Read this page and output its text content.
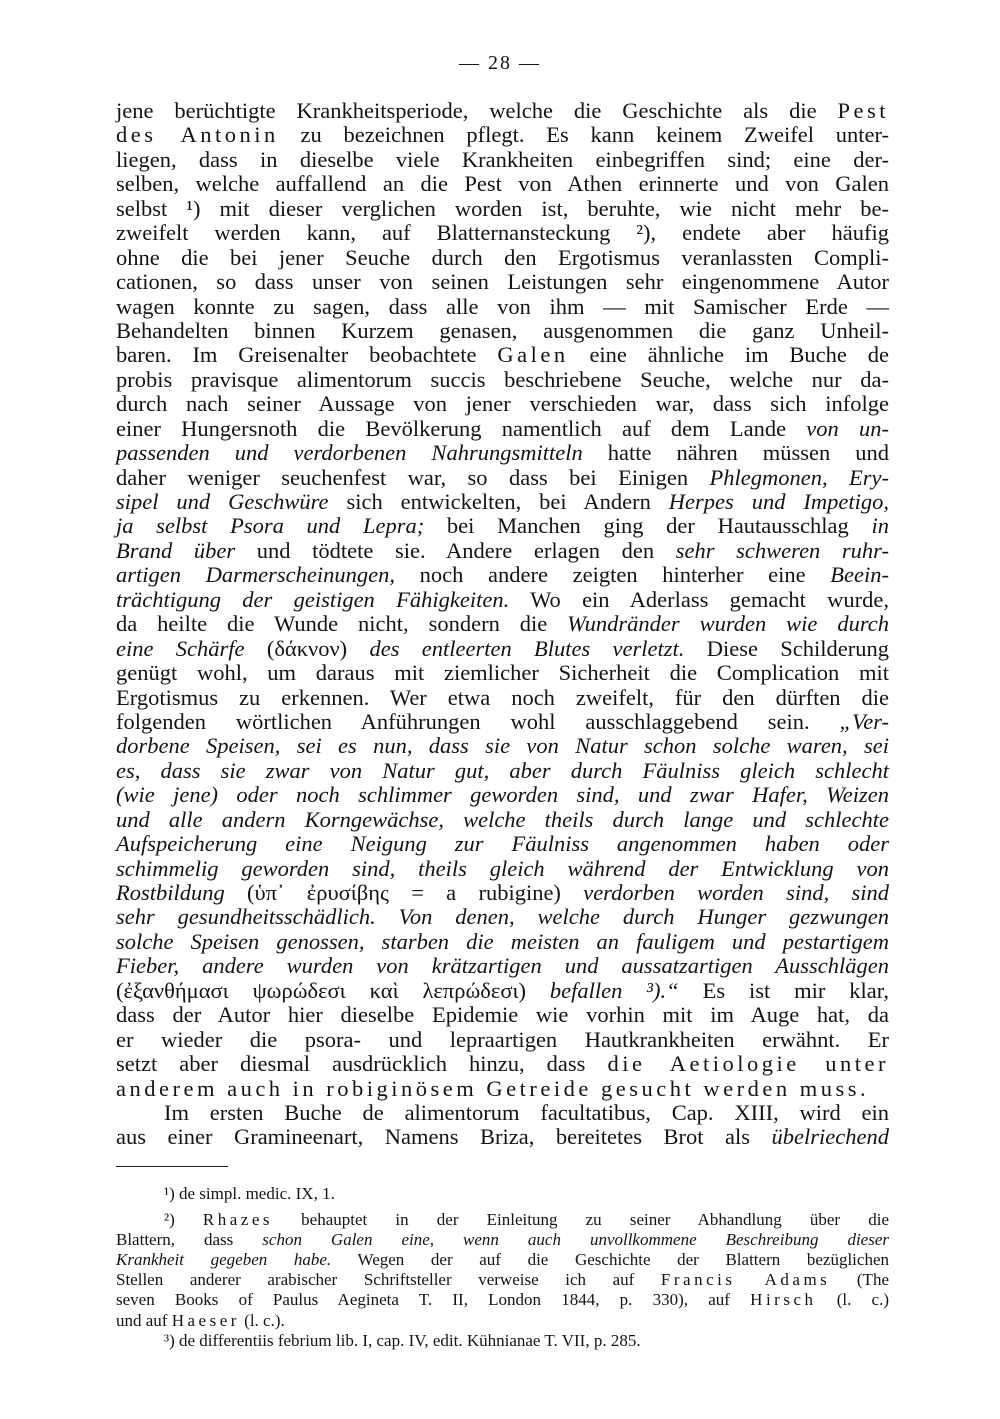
— 28 —
jene berüchtigte Krankheitsperiode, welche die Geschichte als die Pest
des Antonin zu bezeichnen pflegt. Es kann keinem Zweifel unter-
liegen, dass in dieselbe viele Krankheiten einbegriffen sind; eine der-
selben, welche auffallend an die Pest von Athen erinnerte und von Galen
selbst ¹) mit dieser verglichen worden ist, beruhte, wie nicht mehr be-
zweifelt werden kann, auf Blatternansteckung ²), endete aber häufig
ohne die bei jener Seuche durch den Ergotismus veranlassten Compli-
cationen, so dass unser von seinen Leistungen sehr eingenommene Autor
wagen konnte zu sagen, dass alle von ihm — mit Samischer Erde —
Behandelten binnen Kurzem genasen, ausgenommen die ganz Unheil-
baren. Im Greisenalter beobachtete Galen eine ähnliche im Buche de
probis pravisque alimentorum succis beschriebene Seuche, welche nur da-
durch nach seiner Aussage von jener verschieden war, dass sich infolge
einer Hungersnoth die Bevölkerung namentlich auf dem Lande von un-
passenden und verdorbenen Nahrungsmitteln hatte nähren müssen und
daher weniger seuchenfest war, so dass bei Einigen Phlegmonen, Ery-
sipel und Geschwüre sich entwickelten, bei Andern Herpes und Impetigo,
ja selbst Psora und Lepra; bei Manchen ging der Hautausschlag in
Brand über und tödtete sie. Andere erlagen den sehr schweren ruhr-
artigen Darmerscheinungen, noch andere zeigten hinterher eine Beein-
trächtigung der geistigen Fähigkeiten. Wo ein Aderlass gemacht wurde,
da heilte die Wunde nicht, sondern die Wundränder wurden wie durch
eine Schärfe (δάκνον) des entleerten Blutes verletzt. Diese Schilderung
genügt wohl, um daraus mit ziemlicher Sicherheit die Complication mit
Ergotismus zu erkennen. Wer etwa noch zweifelt, für den dürften die
folgenden wörtlichen Anführungen wohl ausschlaggebend sein. „Ver-
dorbene Speisen, sei es nun, dass sie von Natur schon solche waren, sei
es, dass sie zwar von Natur gut, aber durch Fäulniss gleich schlecht
(wie jene) oder noch schlimmer geworden sind, und zwar Hafer, Weizen
und alle andern Korngewächse, welche theils durch lange und schlechte
Aufspeicherung eine Neigung zur Fäulniss angenommen haben oder
schimmelig geworden sind, theils gleich während der Entwicklung von
Rostbildung (ὑπ᾽ ἐρυσίβης = a rubigine) verdorben worden sind, sind
sehr gesundheitsschädlich. Von denen, welche durch Hunger gezwungen
solche Speisen genossen, starben die meisten an fauligem und pestartigem
Fieber, andere wurden von krätzartigen und aussatzartigen Ausschlägen
(ἐξανθήμασι ψωρώδεσι καὶ λεπρώδεσι) befallen ³).“ Es ist mir klar,
dass der Autor hier dieselbe Epidemie wie vorhin mit im Auge hat, da
er wieder die psora- und lepraartigen Hautkrankheiten erwähnt. Er
setzt aber diesmal ausdrücklich hinzu, dass die Aetiologie unter
anderem auch in robiginösem Getreide gesucht werden muss.
Im ersten Buche de alimentorum facultatibus, Cap. XIII, wird ein
aus einer Gramineenart, Namens Briza, bereitetes Brot als übelriechend
¹) de simpl. medic. IX, 1.
²) Rhazes behauptet in der Einleitung zu seiner Abhandlung über die
Blattern, dass schon Galen eine, wenn auch unvollkommene Beschreibung dieser
Krankheit gegeben habe. Wegen der auf die Geschichte der Blattern bezüglichen
Stellen anderer arabischer Schriftsteller verweise ich auf Francis Adams (The
seven Books of Paulus Aegineta T. II, London 1844, p. 330), auf Hirsch (l. c.)
und auf Haeser (l. c.).
³) de differentiis febrium lib. I, cap. IV, edit. Kühnianae T. VII, p. 285.
